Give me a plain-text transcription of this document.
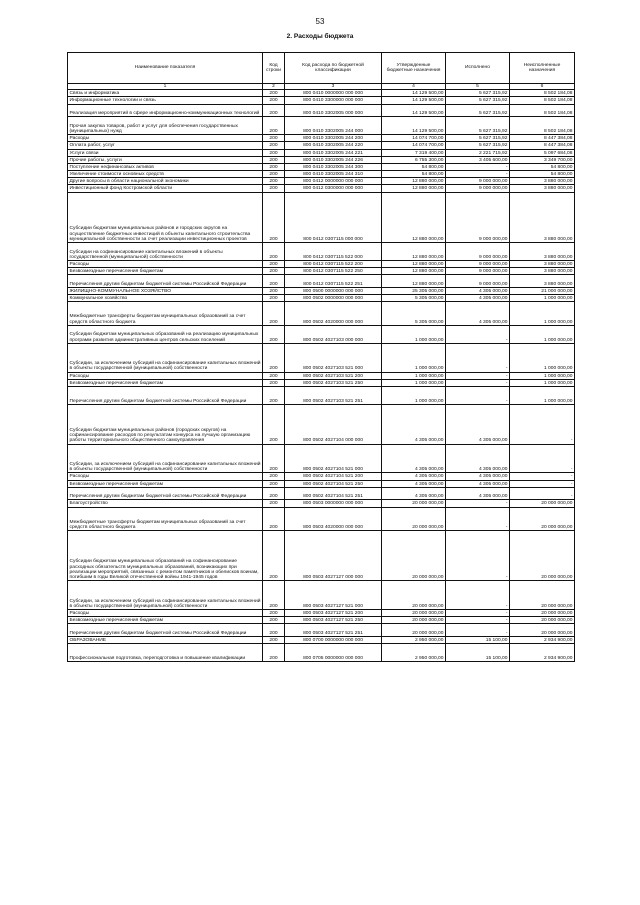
53
2. Расходы бюджета
Наименование показателя	Код строки	Код расхода по бюджетной классификации	Утвержденные бюджетные назначения	Исполнено	Неисполненные назначения
1	2	3	4	5	6
Связь и информатика	200	800 0410 0000000 000 000	14 129 500,00	5 627 315,92	8 502 184,08
Информационные технологии и связь	200	800 0410 3300000 000 000	14 129 500,00	5 627 315,92	8 502 184,08
Реализация мероприятий в сфере информационно-коммуникационных технологий	200	800 0410 3302005 000 000	14 129 500,00	5 627 315,92	8 502 184,08
Прочая закупка товаров, работ и услуг для обеспечения государственных (муниципальных) нужд	200	800 0410 3302005 244 000	14 129 500,00	5 627 315,92	8 502 184,08
Расходы	200	800 0410 3302005 244 200	14 074 700,00	5 627 315,92	8 447 384,08
Оплата работ, услуг	200	800 0410 3302005 244 220	14 074 700,00	5 627 315,92	8 447 384,08
Услуги связи	200	800 0410 3302005 244 221	7 319 400,00	2 221 715,92	5 097 684,08
Прочие работы, услуги	200	800 0410 3302005 244 226	6 755 300,00	3 405 600,00	3 349 700,00
Поступление нефинансовых активов	200	800 0410 3302005 244 300	54 800,00	-	54 800,00
Увеличение стоимости основных средств	200	800 0410 3302005 244 310	54 800,00	-	54 800,00
Другие вопросы в области национальной экономики	200	800 0412 0000000 000 000	12 880 000,00	9 000 000,00	3 880 000,00
Инвестиционный фонд Костромской области	200	800 0412 0300000 000 000	12 880 000,00	9 000 000,00	3 880 000,00
Субсидии бюджетам муниципальных районов и городских округов на осуществление бюджетных инвестиций в объекты капитального строительства муниципальной собственности за счет реализации инвестиционных проектов	200	800 0412 0307115 000 000	12 880 000,00	9 000 000,00	3 880 000,00
Субсидии на софинансирование капитальных вложений в объекты государственной (муниципальной) собственности	200	800 0412 0307115 522 000	12 880 000,00	9 000 000,00	3 880 000,00
Расходы	200	800 0412 0307115 522 200	12 880 000,00	9 000 000,00	3 880 000,00
Безвозмездные перечисления бюджетам	200	800 0412 0307115 522 250	12 880 000,00	9 000 000,00	3 880 000,00
Перечисления другим бюджетам бюджетной системы Российской Федерации	200	800 0412 0307115 522 251	12 880 000,00	9 000 000,00	3 880 000,00
ЖИЛИЩНО-КОММУНАЛЬНОЕ ХОЗЯЙСТВО	200	800 0500 0000000 000 000	25 305 000,00	4 305 000,00	21 000 000,00
Коммунальное хозяйство	200	800 0502 0000000 000 000	5 305 000,00	4 305 000,00	1 000 000,00
Межбюджетные трансферты бюджетам муниципальных образований за счет средств областного бюджета	200	800 0502 4020000 000 000	5 305 000,00	4 305 000,00	1 000 000,00
Субсидии бюджетам муниципальных образований на реализацию муниципальных программ развития административных центров сельских поселений	200	800 0502 4027103 000 000	1 000 000,00	-	1 000 000,00
Субсидии, за исключением субсидий на софинансирование капитальных вложений в объекты государственной (муниципальной) собственности	200	800 0502 4027103 521 000	1 000 000,00	-	1 000 000,00
Расходы	200	800 0502 4027103 521 200	1 000 000,00	-	1 000 000,00
Безвозмездные перечисления бюджетам	200	800 0502 4027103 521 250	1 000 000,00	-	1 000 000,00
Перечисления другим бюджетам бюджетной системы Российской Федерации	200	800 0502 4027103 521 251	1 000 000,00	-	1 000 000,00
Субсидии бюджетам муниципальных районов (городских округов) на софинансирование расходов по результатам конкурса на лучшую организацию работы территориального общественного самоуправления	200	800 0502 4027104 000 000	4 305 000,00	4 305 000,00	-
Субсидии, за исключением субсидий на софинансирование капитальных вложений в объекты государственной (муниципальной) собственности	200	800 0502 4027104 521 000	4 305 000,00	4 305 000,00	-
Расходы	200	800 0502 4027104 521 200	4 305 000,00	4 305 000,00	-
Безвозмездные перечисления бюджетам	200	800 0502 4027104 521 250	4 305 000,00	4 305 000,00	-
Перечисления другим бюджетам бюджетной системы Российской Федерации	200	800 0502 4027104 521 251	4 305 000,00	4 305 000,00	-
Благоустройство	200	800 0503 0000000 000 000	20 000 000,00	-	20 000 000,00
Межбюджетные трансферты бюджетам муниципальных образований за счет средств областного бюджета	200	800 0503 4020000 000 000	20 000 000,00	-	20 000 000,00
Субсидии бюджетам муниципальных образований на софинансирование расходных обязательств муниципальных образований, возникающих при реализации мероприятий, связанных с ремонтом памятников и обелисков воинам, погибшим в годы Великой отечественной войны 1941-1945 годов	200	800 0503 4027127 000 000	20 000 000,00	-	20 000 000,00
Субсидии, за исключением субсидий на софинансирование капитальных вложений в объекты государственной (муниципальной) собственности	200	800 0503 4027127 521 000	20 000 000,00	-	20 000 000,00
Расходы	200	800 0503 4027127 521 200	20 000 000,00	-	20 000 000,00
Безвозмездные перечисления бюджетам	200	800 0503 4027127 521 250	20 000 000,00	-	20 000 000,00
Перечисления другим бюджетам бюджетной системы Российской Федерации	200	800 0503 4027127 521 251	20 000 000,00	-	20 000 000,00
ОБРАЗОВАНИЕ	200	800 0700 0000000 000 000	2 950 000,00	15 100,00	2 934 900,00
Профессиональная подготовка, переподготовка и повышение квалификации	200	800 0705 0000000 000 000	2 950 000,00	15 100,00	2 934 900,00
